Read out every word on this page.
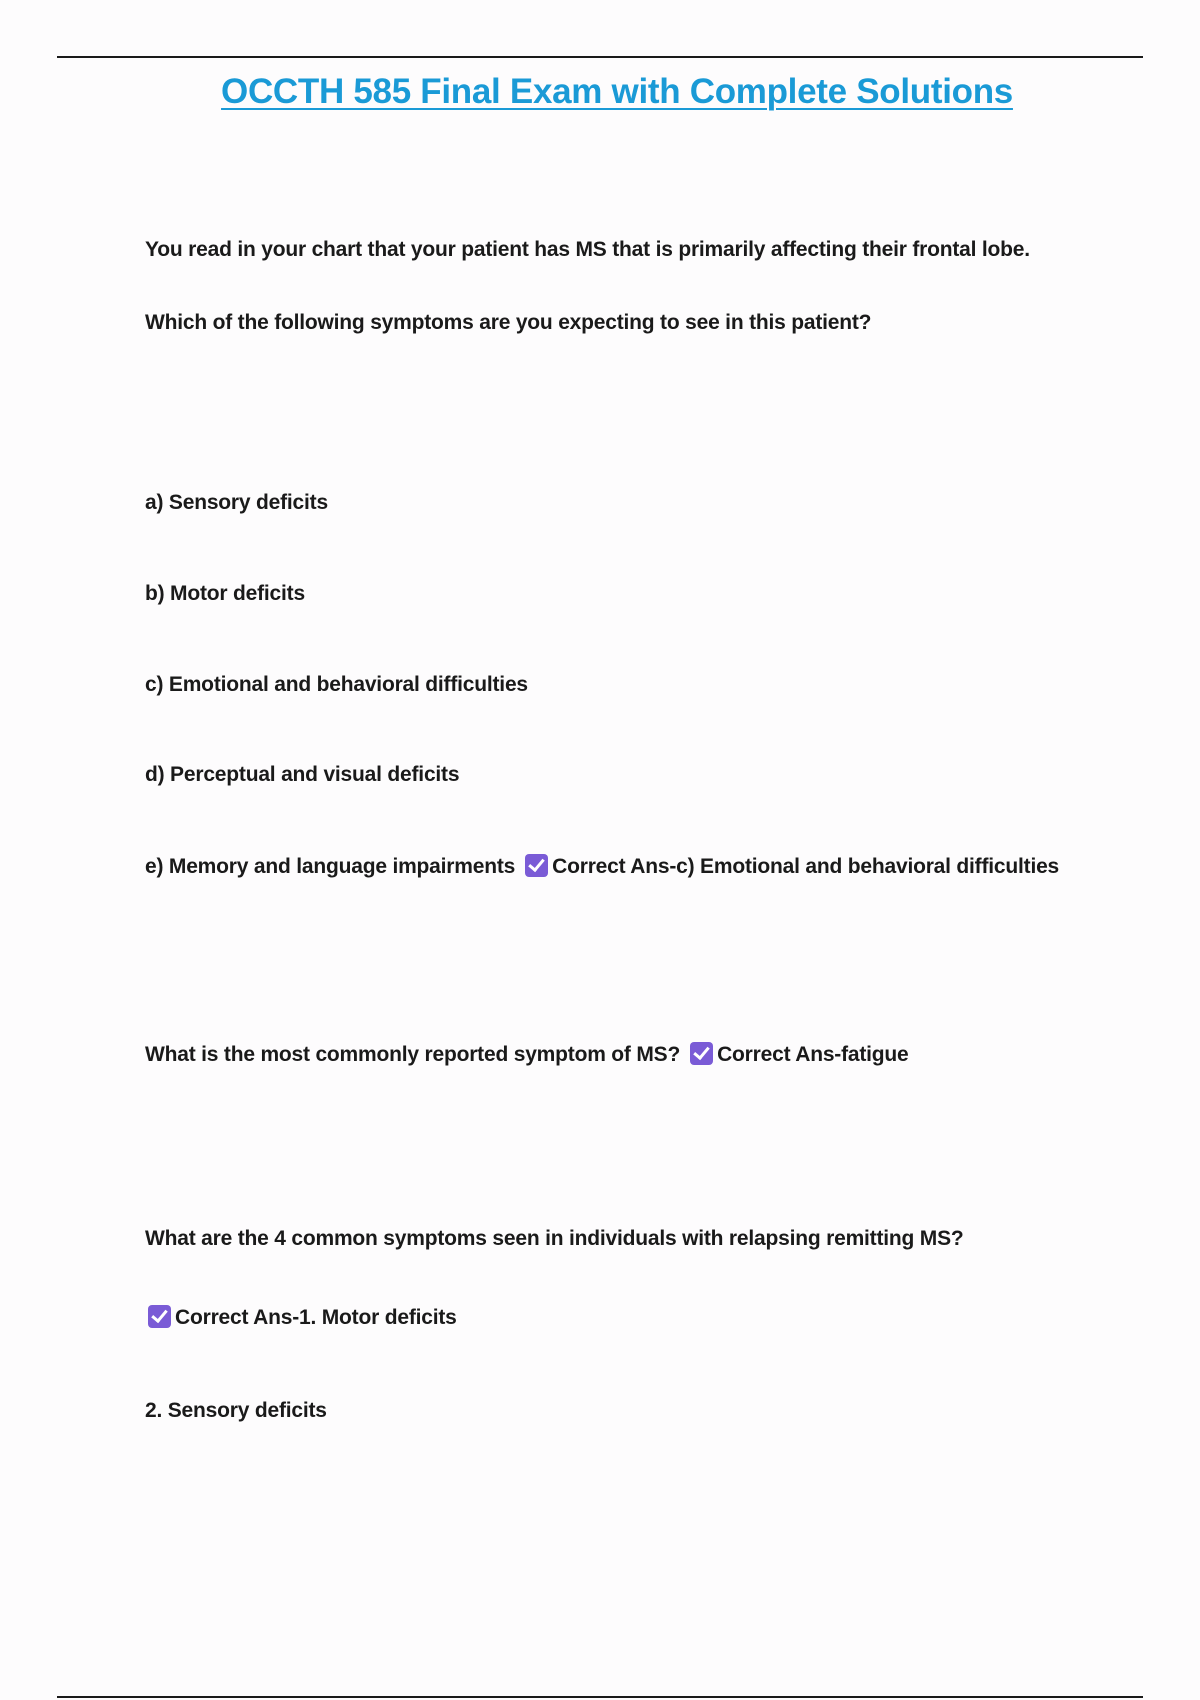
OCCTH 585 Final Exam with Complete Solutions
You read in your chart that your patient has MS that is primarily affecting their frontal lobe.
Which of the following symptoms are you expecting to see in this patient?
a) Sensory deficits
b) Motor deficits
c) Emotional and behavioral difficulties
d) Perceptual and visual deficits
e) Memory and language impairments Correct Ans-c) Emotional and behavioral difficulties
What is the most commonly reported symptom of MS? Correct Ans-fatigue
What are the 4 common symptoms seen in individuals with relapsing remitting MS?
Correct Ans-1. Motor deficits
2. Sensory deficits
